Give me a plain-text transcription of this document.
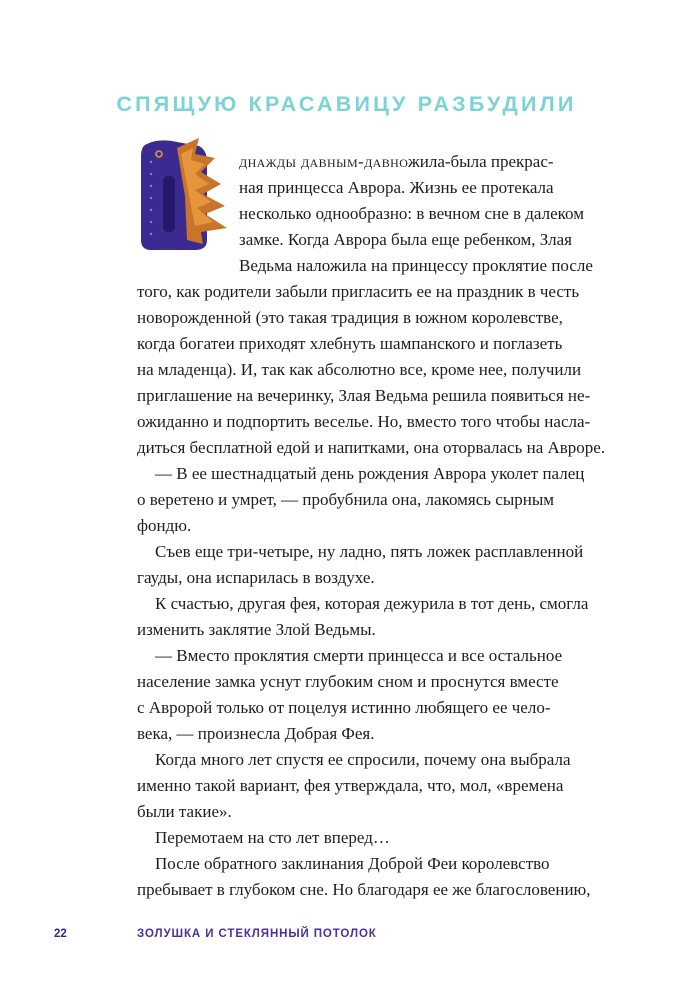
СПЯЩУЮ КРАСАВИЦУ РАЗБУДИЛИ
днажды давным-давно жила-была прекрас-
ная принцесса Аврора. Жизнь ее протекала
несколько однообразно: в вечном сне в далеком
замке. Когда Аврора была еще ребенком, Злая
Ведьма наложила на принцессу проклятие после
того, как родители забыли пригласить ее на праздник в честь
новорожденной (это такая традиция в южном королевстве,
когда богатеи приходят хлебнуть шампанского и поглазеть
на младенца). И, так как абсолютно все, кроме нее, получили
приглашение на вечеринку, Злая Ведьма решила появиться не-
ожиданно и подпортить веселье. Но, вместо того чтобы насла-
диться бесплатной едой и напитками, она оторвалась на Авроре.
— В ее шестнадцатый день рождения Аврора уколет палец
о веретено и умрет, — пробубнила она, лакомясь сырным
фондю.
Съев еще три-четыре, ну ладно, пять ложек расплавленной
гауды, она испарилась в воздухе.
К счастью, другая фея, которая дежурила в тот день, смогла
изменить заклятие Злой Ведьмы.
— Вместо проклятия смерти принцесса и все остальное
население замка уснут глубоким сном и проснутся вместе
с Авророй только от поцелуя истинно любящего ее чело-
века, — произнесла Добрая Фея.
Когда много лет спустя ее спросили, почему она выбрала
именно такой вариант, фея утверждала, что, мол, «времена
были такие».
Перемотаем на сто лет вперед…
После обратного заклинания Доброй Феи королевство
пребывает в глубоком сне. Но благодаря ее же благословению,
22	ЗОЛУШКА И СТЕКЛЯННЫЙ ПОТОЛОК
